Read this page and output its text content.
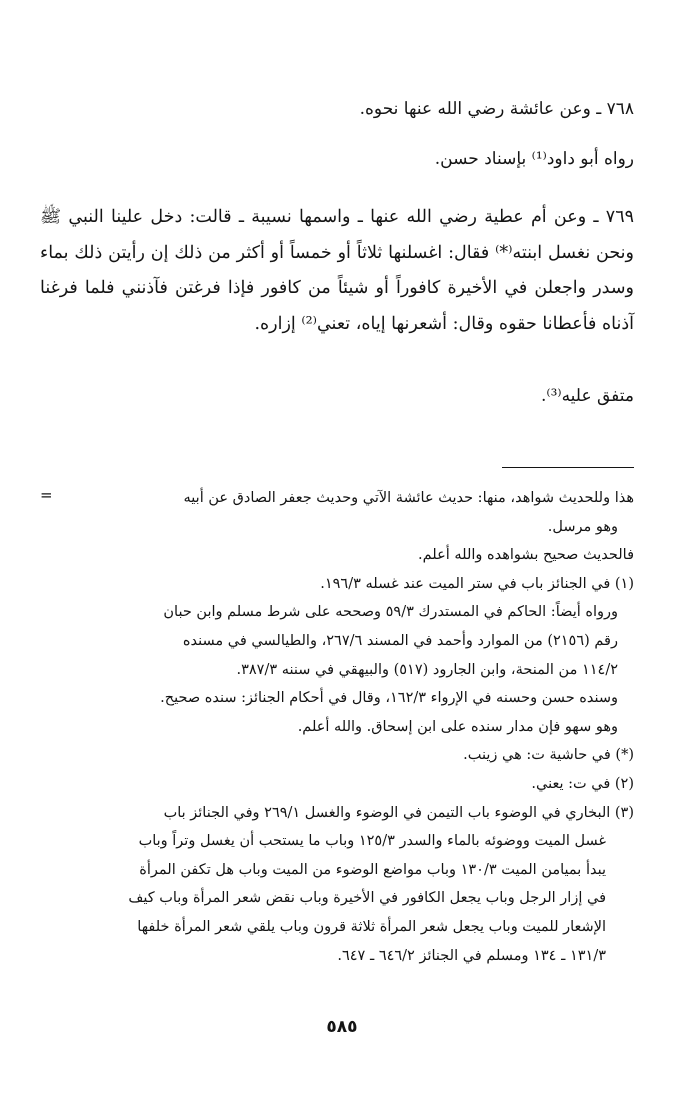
٧٦٨ ـ وعن عائشة رضي الله عنها نحوه.
رواه أبو داود⁽¹⁾ بإسناد حسن.
٧٦٩ ـ وعن أم عطية رضي الله عنها ـ واسمها نسيبة ـ قالت: دخل علينا النبي ﷺ ونحن نغسل ابنته⁽*⁾ فقال: اغسلنها ثلاثاً أو خمساً أو أكثر من ذلك إن رأيتن ذلك بماء وسدر واجعلن في الأخيرة كافوراً أو شيئاً من كافور فإذا فرغتن فآذنني فلما فرغنا آذناه فأعطانا حقوه وقال: أشعرنها إياه، تعني⁽²⁾ إزاره.
متفق عليه⁽³⁾.
=	هذا وللحديث شواهد، منها: حديث عائشة الآتي وحديث جعفر الصادق عن أبيه
وهو مرسل.
فالحديث صحيح بشواهده والله أعلم.
(١) في الجنائز باب في ستر الميت عند غسله ١٩٦/٣.
ورواه أيضاً: الحاكم في المستدرك ٥٩/٣ وصححه على شرط مسلم وابن حبان
رقم (٢١٥٦) من الموارد وأحمد في المسند ٢٦٧/٦، والطيالسي في مسنده
١١٤/٢ من المنحة، وابن الجارود (٥١٧) والبيهقي في سننه ٣٨٧/٣.
وسنده حسن وحسنه في الإرواء ١٦٢/٣، وقال في أحكام الجنائز: سنده صحيح.
وهو سهو فإن مدار سنده على ابن إسحاق. والله أعلم.
(*) في حاشية ت: هي زينب.
(٢) في ت: يعني.
(٣) البخاري في الوضوء باب التيمن في الوضوء والغسل ٢٦٩/١ وفي الجنائز باب
غسل الميت ووضوئه بالماء والسدر ١٢٥/٣ وباب ما يستحب أن يغسل وتراً وباب
يبدأ بميامن الميت ١٣٠/٣ وباب مواضع الوضوء من الميت وباب هل تكفن المرأة
في إزار الرجل وباب يجعل الكافور في الأخيرة وباب نقض شعر المرأة وباب كيف
الإشعار للميت وباب يجعل شعر المرأة ثلاثة قرون وباب يلقي شعر المرأة خلفها
١٣١/٣ ـ ١٣٤ ومسلم في الجنائز ٦٤٦/٢ ـ ٦٤٧.
٥٨٥
